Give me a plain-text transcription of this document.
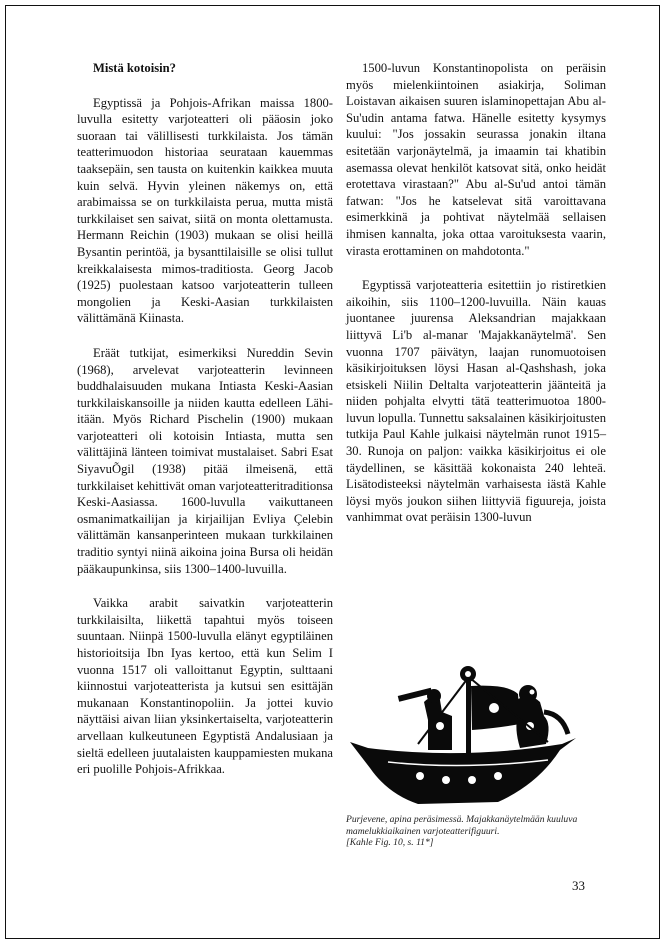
Mistä kotoisin?

Egyptissä ja Pohjois-Afrikan maissa 1800-luvulla esitetty varjoteatteri oli pääosin joko suoraan tai välillisesti turkkilaista. Jos tämän teatterimuodon historiaa seurataan kauemmas taaksepäin, sen tausta on kuitenkin kaikkea muuta kuin selvä. Hyvin yleinen näkemys on, että arabimaissa se on turkkilaista perua, mutta mistä turkkilaiset sen saivat, siitä on monta olettamusta. Hermann Reichin (1903) mukaan se olisi heillä Bysantin perintöä, ja bysanttilaisille se olisi tullut kreikkalaisesta mimos-traditiosta. Georg Jacob (1925) puolestaan katsoo varjoteatterin tulleen mongolien ja Keski-Aasian turkkilaisten välittämänä Kiinasta.

Eräät tutkijat, esimerkiksi Nureddin Sevin (1968), arvelevat varjoteatterin levinneen buddhalaisuuden mukana Intiasta Keski-Aasian turkkilaiskansoille ja niiden kautta edelleen Lähi-itään. Myös Richard Pischelin (1900) mukaan varjoteatteri oli kotoisin Intiasta, mutta sen välittäjinä länteen toimivat mustalaiset. Sabri Esat SiyavuÕgil (1938) pitää ilmeisenä, että turkkilaiset kehittivät oman varjoteatteritraditionsa Keski-Aasiassa. 1600-luvulla vaikuttaneen osmanimatkailijan ja kirjailijan Evliya Çelebin välittämän kansanperinteen mukaan turkkilainen traditio syntyi niinä aikoina joina Bursa oli heidän pääkaupunkinsa, siis 1300–1400-luvuilla.

Vaikka arabit saivatkin varjoteatterin turkkilaisilta, liikettä tapahtui myös toiseen suuntaan. Niinpä 1500-luvulla elänyt egyptiläinen historioitsija Ibn Iyas kertoo, että kun Selim I vuonna 1517 oli valloittanut Egyptin, sulttaani kiinnostui varjoteatterista ja kutsui sen esittäjän mukanaan Konstantinopoliin. Ja jottei kuvio näyttäisi aivan liian yksinkertaiselta, varjoteatterin arvellaan kulkeutuneen Egyptistä Andalusiaan ja sieltä edelleen juutalaisten kauppamiesten mukana eri puolille Pohjois-Afrikkaa.

1500-luvun Konstantinopolista on peräisin myös mielenkiintoinen asiakirja, Soliman Loistavan aikaisen suuren islaminopettajan Abu al-Su'udin antama fatwa. Hänelle esitetty kysymys kuului: "Jos jossakin seurassa jonakin iltana esitetään varjonäytelmä, ja imaamin tai khatibin asemassa olevat henkilöt katsovat sitä, onko heidät erotettava virastaan?" Abu al-Su'ud antoi tämän fatwan: "Jos he katselevat sitä varoittavana esimerkkinä ja pohtivat näytelmää sellaisen ihmisen kannalta, joka ottaa varoituksesta vaarin, virasta erottaminen on mahdotonta."

Egyptissä varjoteatteria esitettiin jo ristiretkien aikoihin, siis 1100–1200-luvuilla. Näin kauas juontanee juurensa Aleksandrian majakkaan liittyvä Li'b al-manar 'Majakkanäytelmä'. Sen vuonna 1707 päivätyn, laajan runomuotoisen käsikirjoituksen löysi Hasan al-Qashshash, joka etsiskeli Niilin Deltalta varjoteatterin jäänteitä ja niiden pohjalta elvytti tätä teatterimuotoa 1800-luvun lopulla. Tunnettu saksalainen käsikirjoitusten tutkija Paul Kahle julkaisi näytelmän runot 1915–30. Runoja on paljon: vaikka käsikirjoitus ei ole täydellinen, se käsittää kokonaista 240 lehteä. Lisätodisteeksi näytelmän varhaisesta iästä Kahle löysi myös joukon siihen liittyviä figuureja, joista vanhimmat ovat peräisin 1300-luvun

Purjevene, apina peräsimessä. Majakkanäytelmään kuuluva mamelukkiaikainen varjoteatterifiguuri.
[Kahle Fig. 10, s. 11*]
33
